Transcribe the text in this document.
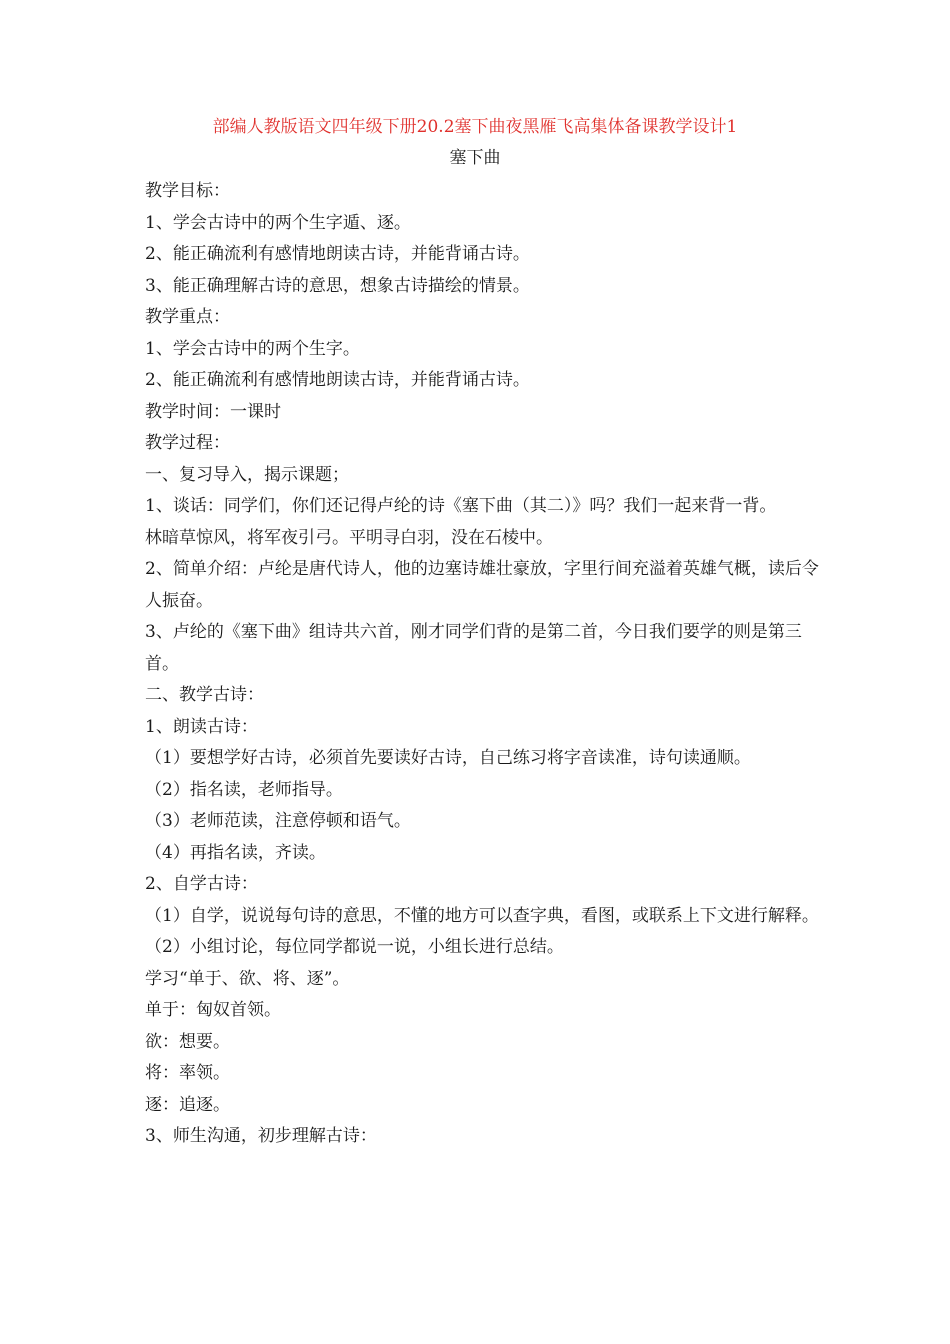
部编人教版语文四年级下册20.2塞下曲夜黑雁飞高集体备课教学设计1
塞下曲

教学目标：

1、学会古诗中的两个生字遁、逐。

2、能正确流利有感情地朗读古诗，并能背诵古诗。

3、能正确理解古诗的意思，想象古诗描绘的情景。

教学重点：

1、学会古诗中的两个生字。

2、能正确流利有感情地朗读古诗，并能背诵古诗。

教学时间：一课时

教学过程：

一、复习导入，揭示课题；

1、谈话：同学们，你们还记得卢纶的诗《塞下曲（其二）》吗？我们一起来背一背。

林暗草惊风，将军夜引弓。平明寻白羽，没在石棱中。

2、简单介绍：卢纶是唐代诗人，他的边塞诗雄壮豪放，字里行间充溢着英雄气概，读后令人振奋。

3、卢纶的《塞下曲》组诗共六首，刚才同学们背的是第二首，今日我们要学的则是第三首。

二、教学古诗：

1、朗读古诗：

（1）要想学好古诗，必须首先要读好古诗，自己练习将字音读准，诗句读通顺。

（2）指名读，老师指导。

（3）老师范读，注意停顿和语气。

（4）再指名读，齐读。

2、自学古诗：

（1）自学，说说每句诗的意思，不懂的地方可以查字典，看图，或联系上下文进行解释。

（2）小组讨论，每位同学都说一说，小组长进行总结。

学习“单于、欲、将、逐”。

单于：匈奴首领。

欲：想要。

将：率领。

逐：追逐。

3、师生沟通，初步理解古诗：
